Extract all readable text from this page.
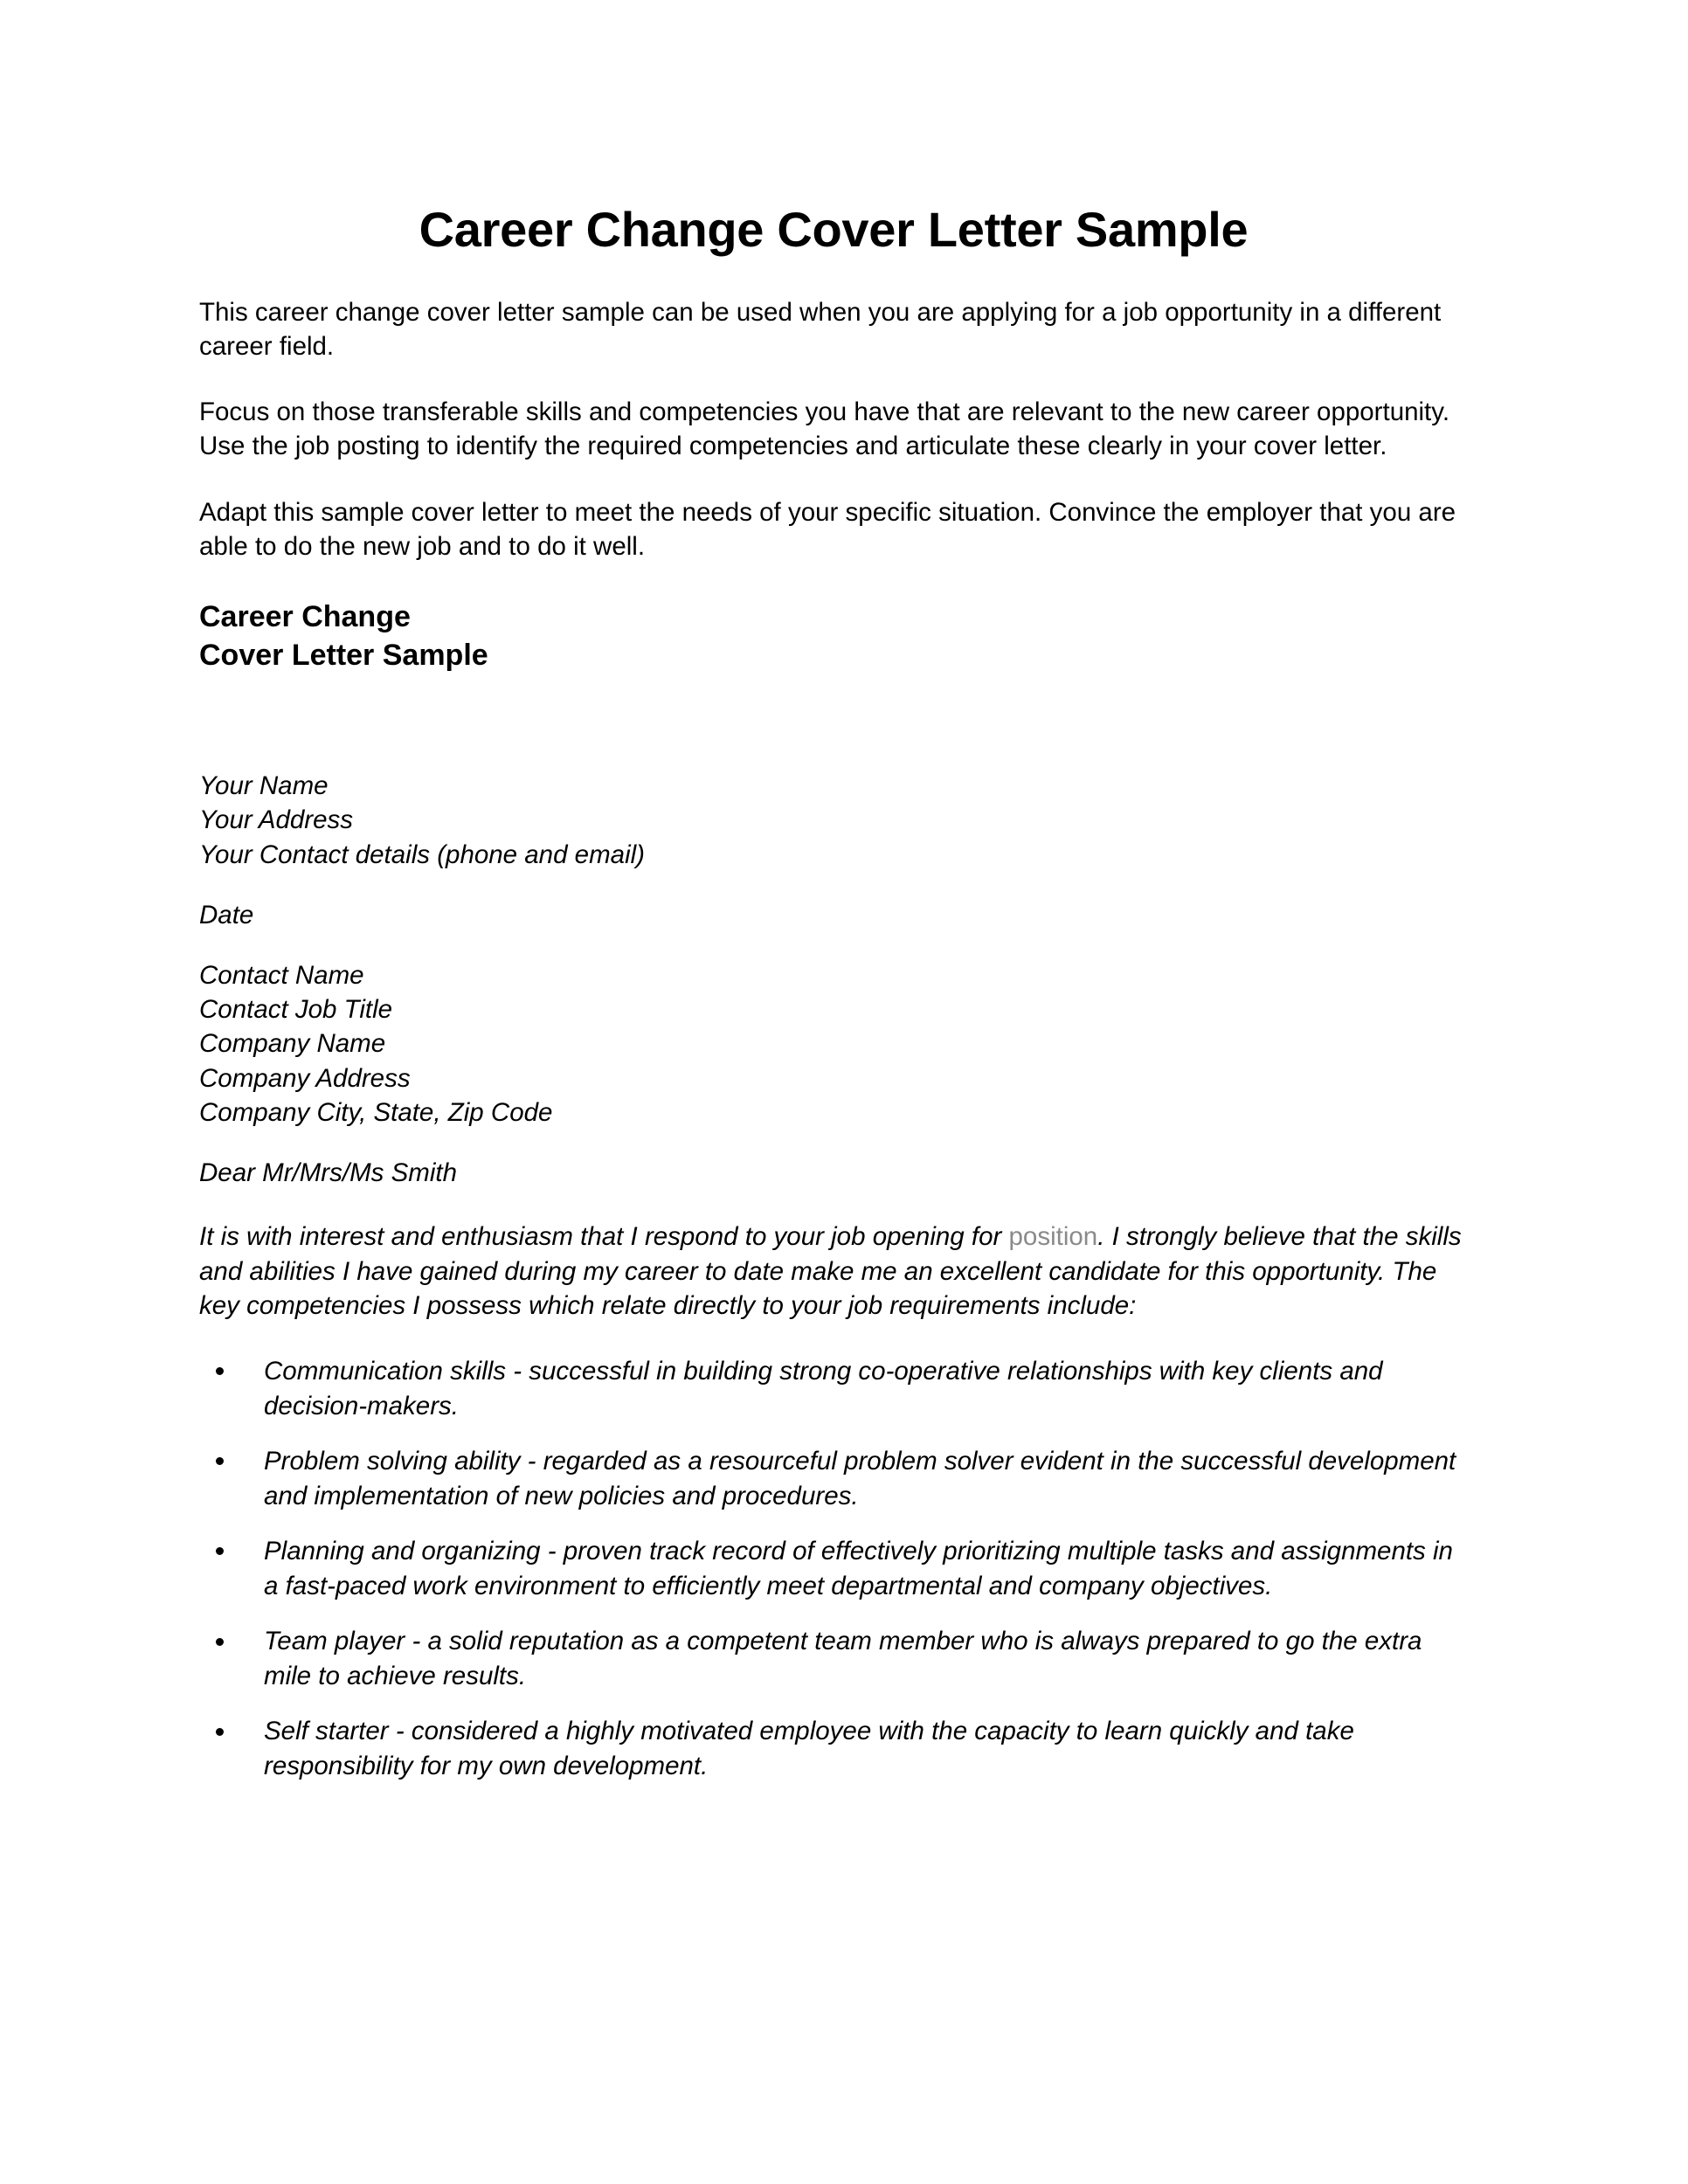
Career Change Cover Letter Sample

This career change cover letter sample can be used when you are applying for a job opportunity in a different career field.

Focus on those transferable skills and competencies you have that are relevant to the new career opportunity. Use the job posting to identify the required competencies and articulate these clearly in your cover letter.

Adapt this sample cover letter to meet the needs of your specific situation. Convince the employer that you are able to do the new job and to do it well.

Career Change
Cover Letter Sample
Your Name
Your Address
Your Contact details (phone and email)
Date
Contact Name
Contact Job Title
Company Name
Company Address
Company City, State, Zip Code
Dear Mr/Mrs/Ms Smith

It is with interest and enthusiasm that I respond to your job opening for position. I strongly believe that the skills and abilities I have gained during my career to date make me an excellent candidate for this opportunity. The key competencies I possess which relate directly to your job requirements include:

Communication skills - successful in building strong co-operative relationships with key clients and decision-makers.
Problem solving ability - regarded as a resourceful problem solver evident in the successful development and implementation of new policies and procedures.
Planning and organizing - proven track record of effectively prioritizing multiple tasks and assignments in a fast-paced work environment to efficiently meet departmental and company objectives.
Team player - a solid reputation as a competent team member who is always prepared to go the extra mile to achieve results.
Self starter - considered a highly motivated employee with the capacity to learn quickly and take responsibility for my own development.
